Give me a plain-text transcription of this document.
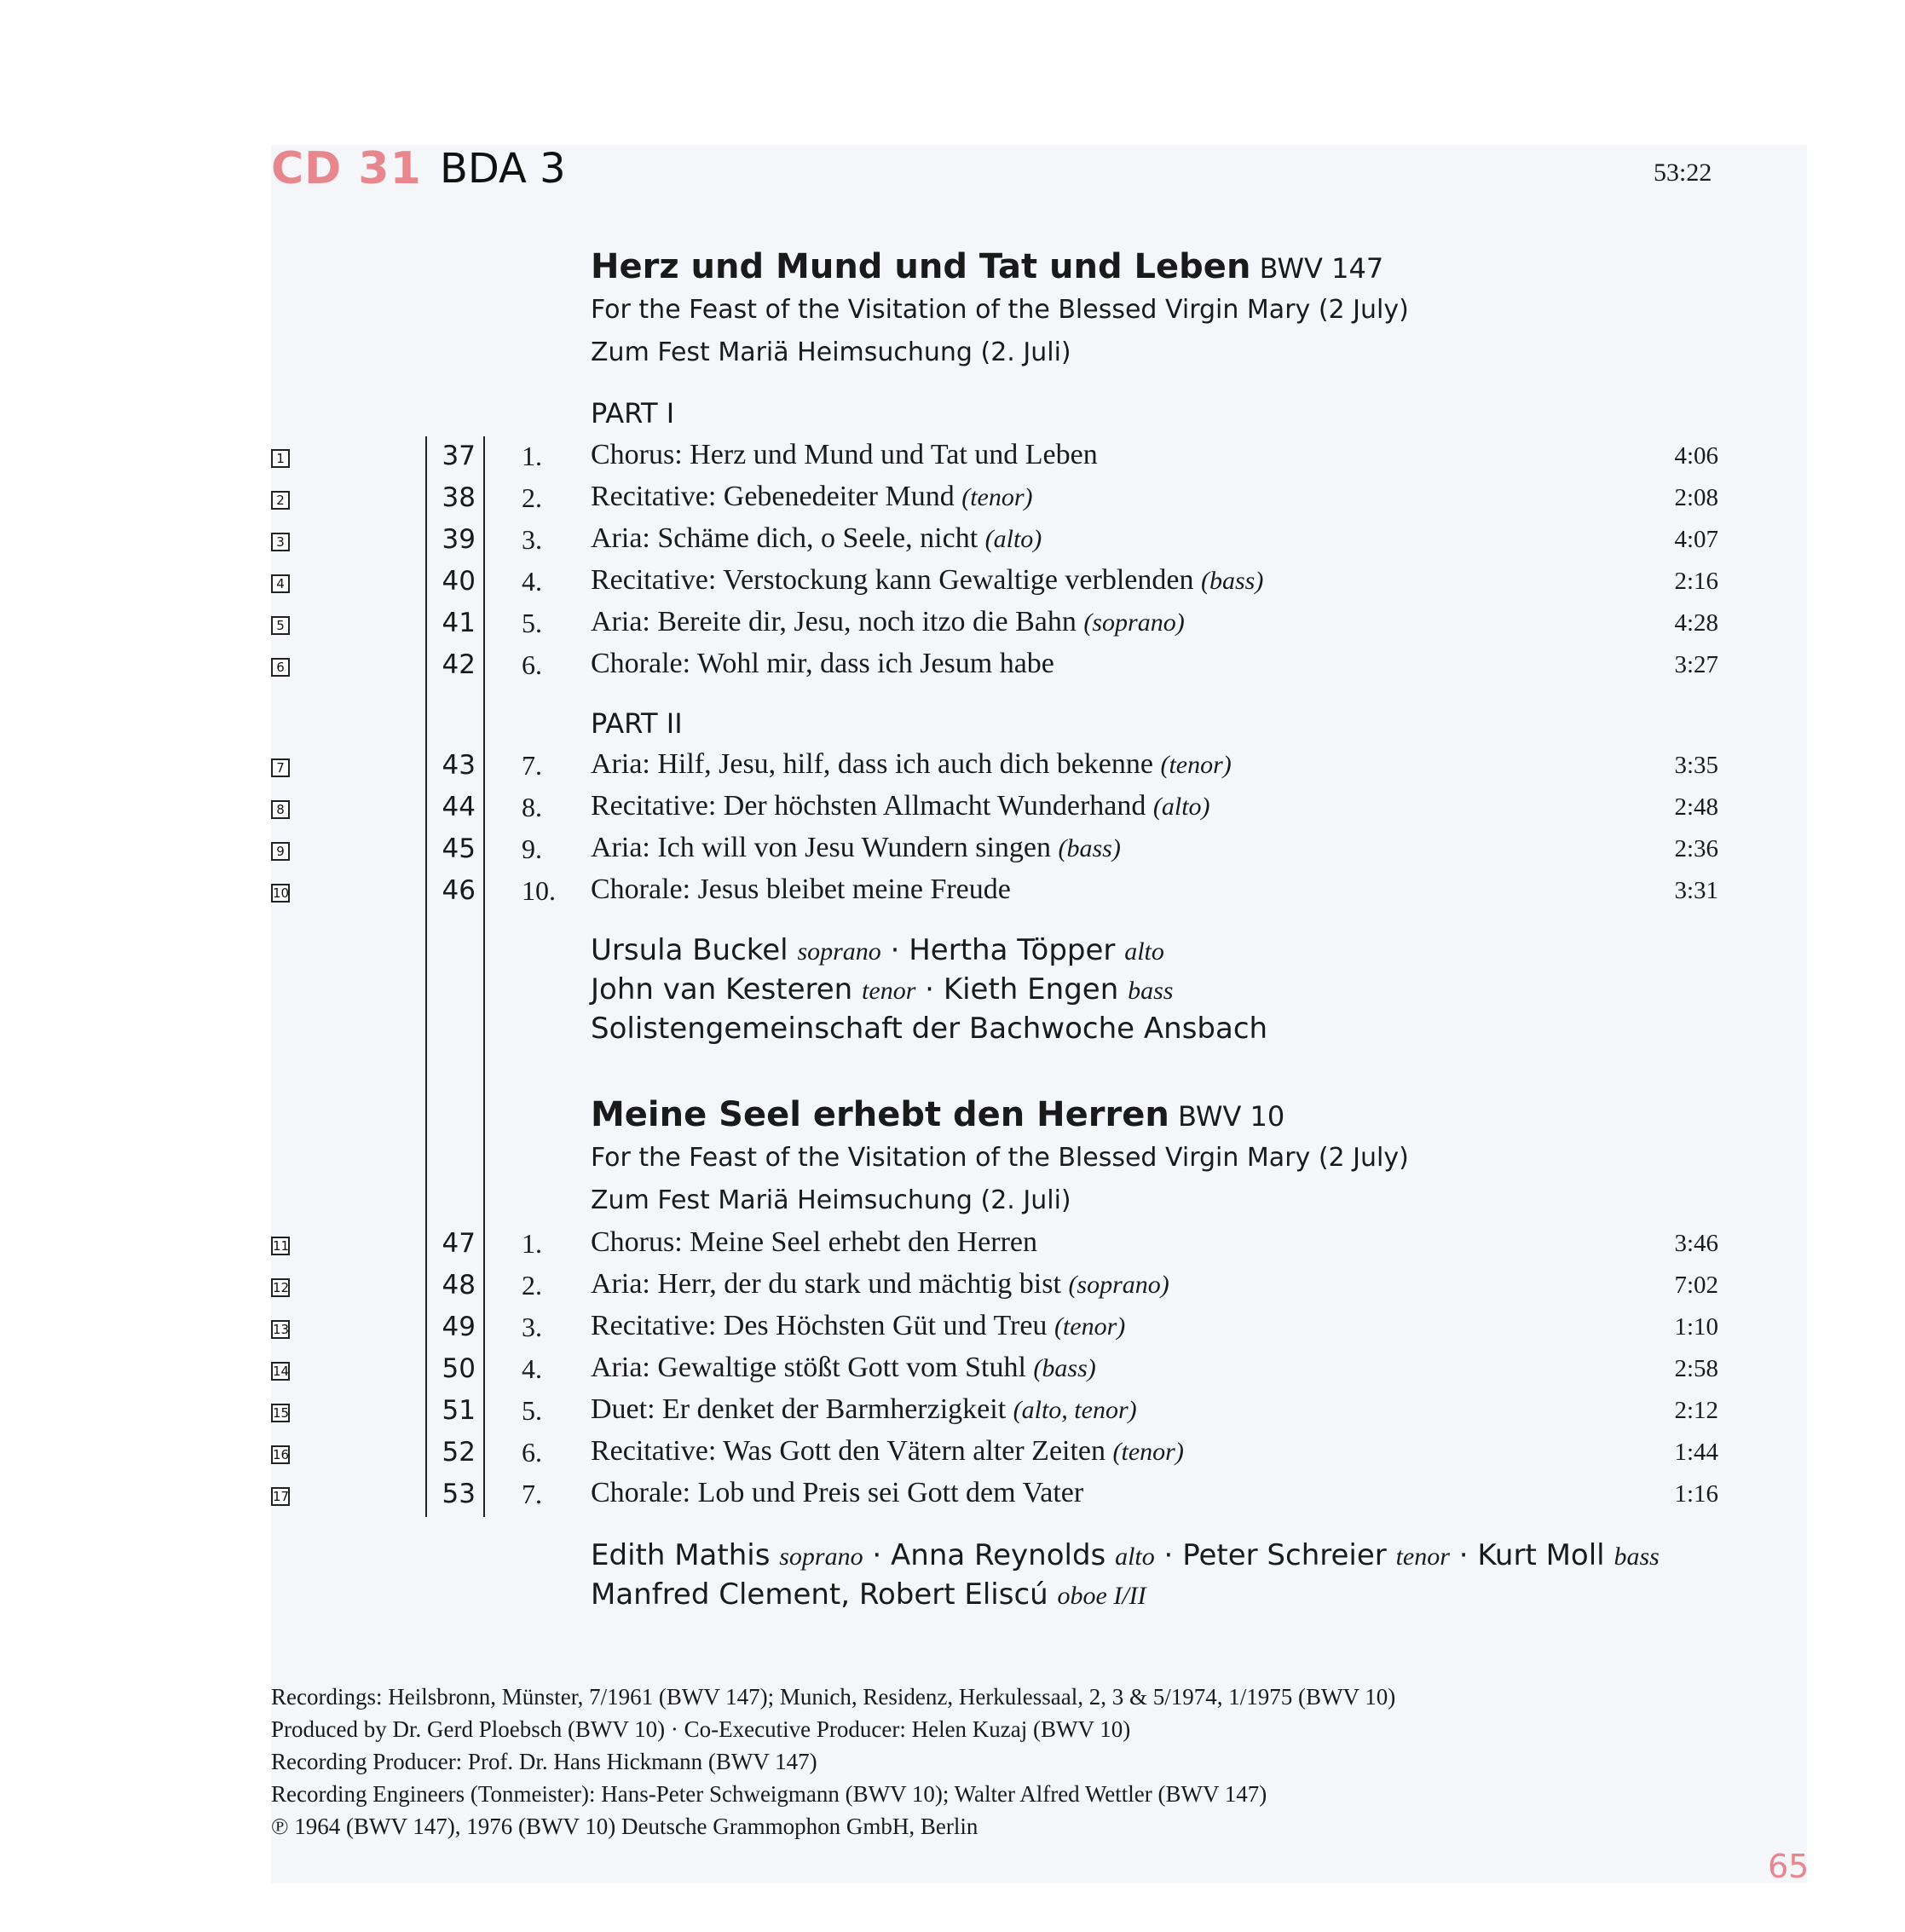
CD 31 BDA 3	53:22
Herz und Mund und Tat und Leben BWV 147
For the Feast of the Visitation of the Blessed Virgin Mary (2 July)
Zum Fest Mariä Heimsuchung (2. Juli)
PART I
1	37 1. Chorus: Herz und Mund und Tat und Leben	4:06
2	38 2. Recitative: Gebenedeiter Mund (tenor)	2:08
3	39 3. Aria: Schäme dich, o Seele, nicht (alto)	4:07
4	40 4. Recitative: Verstockung kann Gewaltige verblenden (bass)	2:16
5	41 5. Aria: Bereite dir, Jesu, noch itzo die Bahn (soprano)	4:28
6	42 6. Chorale: Wohl mir, dass ich Jesum habe	3:27
PART II
7	43 7. Aria: Hilf, Jesu, hilf, dass ich auch dich bekenne (tenor)	3:35
8	44 8. Recitative: Der höchsten Allmacht Wunderhand (alto)	2:48
9	45 9. Aria: Ich will von Jesu Wundern singen (bass)	2:36
10	46 10. Chorale: Jesus bleibet meine Freude	3:31
Ursula Buckel soprano · Hertha Töpper alto
John van Kesteren tenor · Kieth Engen bass
Solistengemeinschaft der Bachwoche Ansbach
Meine Seel erhebt den Herren BWV 10
For the Feast of the Visitation of the Blessed Virgin Mary (2 July)
Zum Fest Mariä Heimsuchung (2. Juli)
11	47 1. Chorus: Meine Seel erhebt den Herren	3:46
12	48 2. Aria: Herr, der du stark und mächtig bist (soprano)	7:02
13	49 3. Recitative: Des Höchsten Güt und Treu (tenor)	1:10
14	50 4. Aria: Gewaltige stößt Gott vom Stuhl (bass)	2:58
15	51 5. Duet: Er denket der Barmherzigkeit (alto, tenor)	2:12
16	52 6. Recitative: Was Gott den Vätern alter Zeiten (tenor)	1:44
17	53 7. Chorale: Lob und Preis sei Gott dem Vater	1:16
Edith Mathis soprano · Anna Reynolds alto · Peter Schreier tenor · Kurt Moll bass
Manfred Clement, Robert Eliscú oboe I/II
Recordings: Heilsbronn, Münster, 7/1961 (BWV 147); Munich, Residenz, Herkulessaal, 2, 3 & 5/1974, 1/1975 (BWV 10)
Produced by Dr. Gerd Ploebsch (BWV 10) · Co-Executive Producer: Helen Kuzaj (BWV 10)
Recording Producer: Prof. Dr. Hans Hickmann (BWV 147)
Recording Engineers (Tonmeister): Hans-Peter Schweigmann (BWV 10); Walter Alfred Wettler (BWV 147)
℗ 1964 (BWV 147), 1976 (BWV 10) Deutsche Grammophon GmbH, Berlin
65
